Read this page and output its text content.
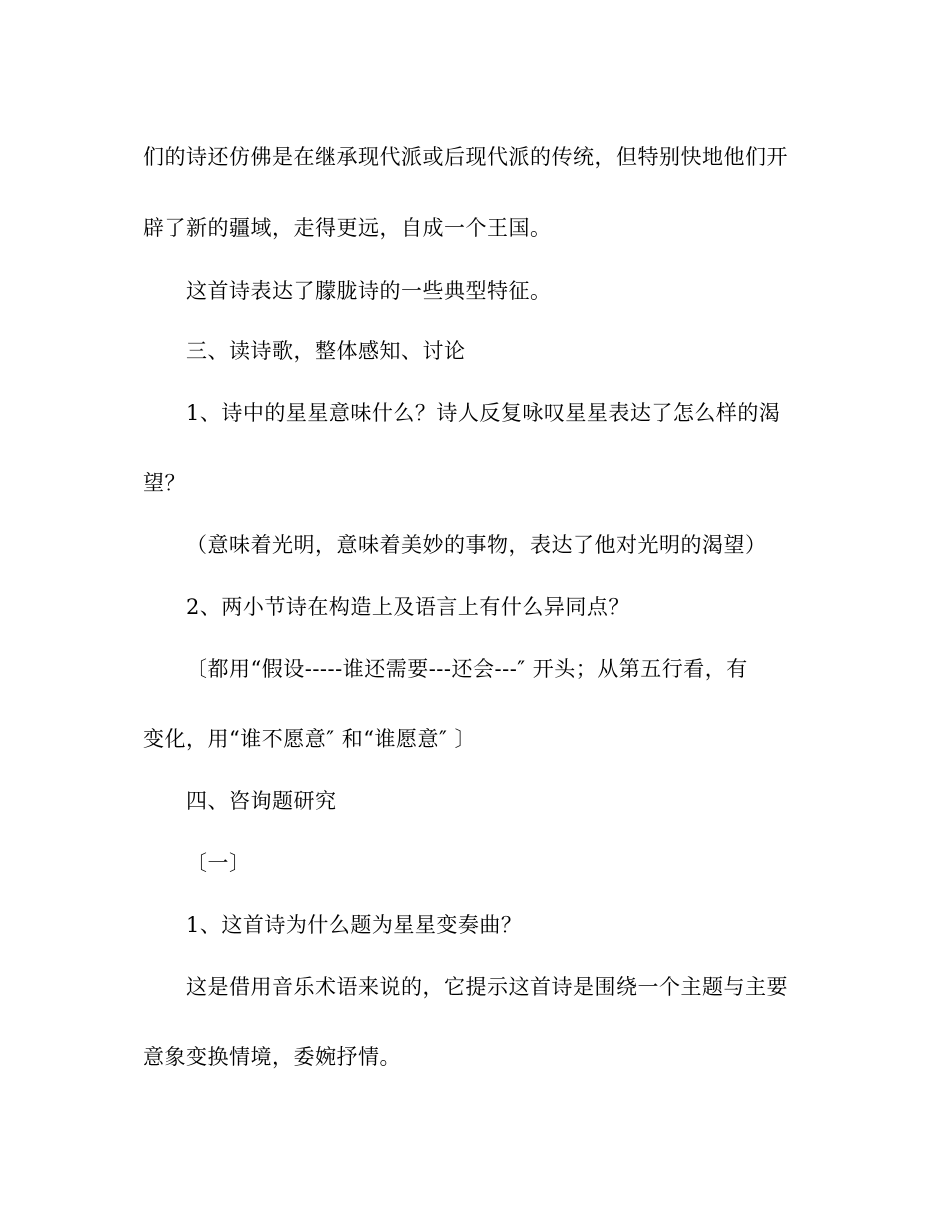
们的诗还仿佛是在继承现代派或后现代派的传统，但特别快地他们开
辟了新的疆域，走得更远，自成一个王国。
这首诗表达了朦胧诗的一些典型特征。
三、读诗歌，整体感知、讨论
1、诗中的星星意味什么？诗人反复咏叹星星表达了怎么样的渴
望？
（意味着光明，意味着美妙的事物，表达了他对光明的渴望）
2、两小节诗在构造上及语言上有什么异同点？
〔都用“假设-----谁还需要---还会---″ 开头；从第五行看，有
变化，用“谁不愿意″ 和“谁愿意″ 〕
四、咨询题研究
〔一〕
1、这首诗为什么题为星星变奏曲？
这是借用音乐术语来说的，它提示这首诗是围绕一个主题与主要
意象变换情境，委婉抒情。
